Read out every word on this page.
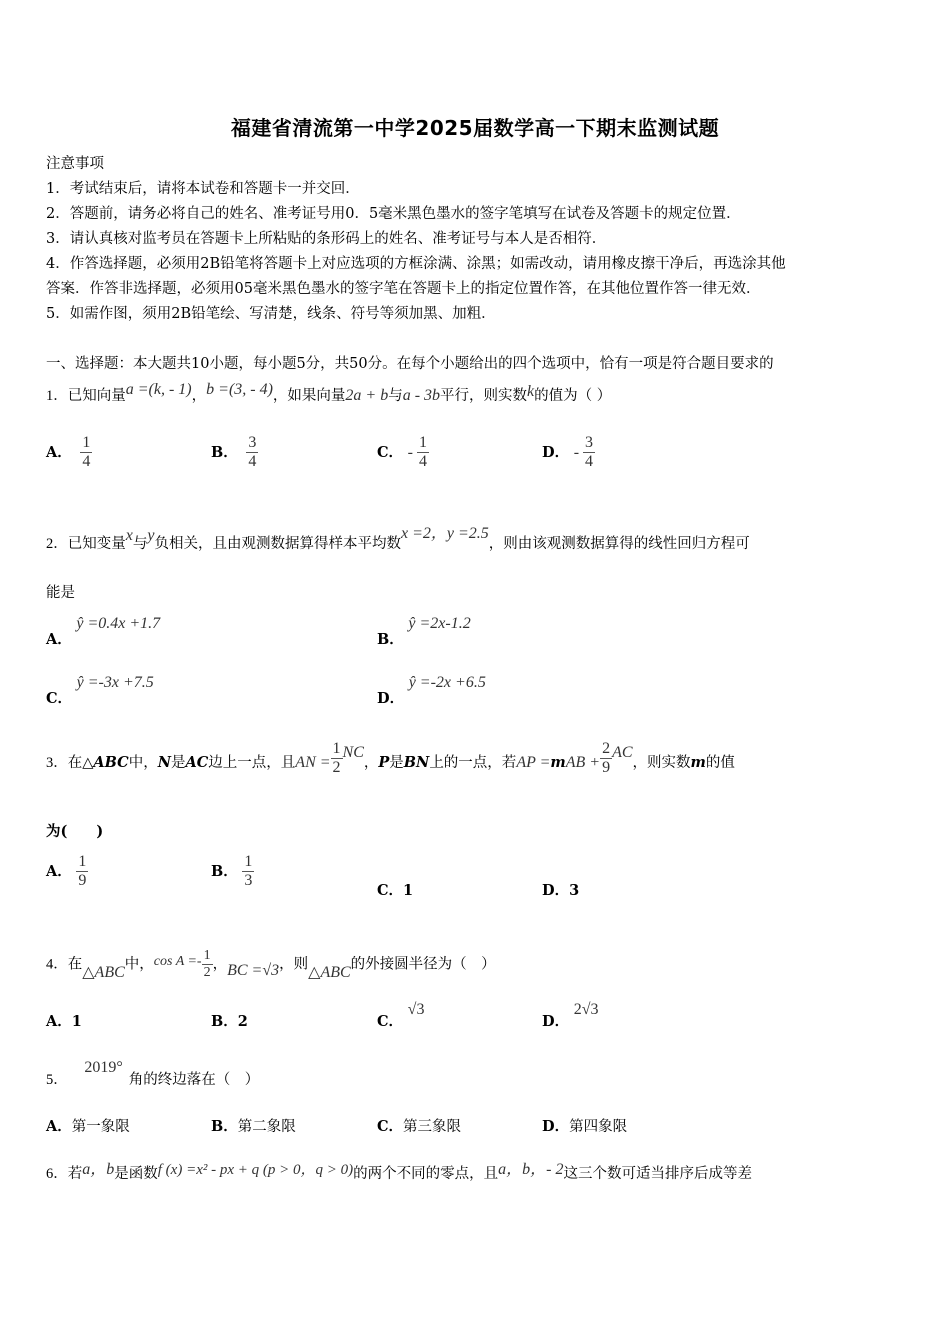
福建省清流第一中学2025届数学高一下期末监测试题
注意事项
1．考试结束后，请将本试卷和答题卡一并交回．
2．答题前，请务必将自己的姓名、准考证号用0．5毫米黑色墨水的签字笔填写在试卷及答题卡的规定位置．
3．请认真核对监考员在答题卡上所粘贴的条形码上的姓名、准考证号与本人是否相符．
4．作答选择题，必须用2B铅笔将答题卡上对应选项的方框涂满、涂黑；如需改动，请用橡皮擦干净后，再选涂其他
答案．作答非选择题，必须用05毫米黑色墨水的签字笔在答题卡上的指定位置作答，在其他位置作答一律无效．
5．如需作图，须用2B铅笔绘、写清楚，线条、符号等须加黑、加粗．
一、选择题：本大题共10小题，每小题5分，共50分。在每个小题给出的四个选项中，恰有一项是符合题目要求的
1．已知向量a =(k, - 1)，b =(3, - 4)，如果向量2a + b与a - 3b平行，则实数k的值为（ ）
A． $\frac{1}{4}$	B． $\frac{3}{4}$	C． - $\frac{1}{4}$	D． - $\frac{3}{4}$
2．已知变量x与y负相关，且由观测数据算得样本平均数x =2，y =2.5，则由该观测数据算得的线性回归方程可
能是
A． ŷ =0.4x +1.7
B． ŷ =2x-1.2
C． ŷ =-3x +7.5
D． ŷ =-2x +6.5
3．在△ABC中，N是AC边上一点，且AN = $\frac{1}{2}$ NC，P是BN上的一点，若AP $=mAB + \frac{2}{9}$ AC，则实数m的值
为(　　)
A． $\frac{1}{9}$	B． $\frac{1}{3}$	C．1	D．3
4．在△ABC中，$\cos A =- \frac{1}{2}$ ，BC =√3，则△ABC的外接圆半径为（　）
A．1	B．2	C． √3
D． 2√3
5． 2019°角的终边落在（　）
A．第一象限	B．第二象限	C．第三象限	D．第四象限
6．若a，b是函数f (x) =x² - px + q (p > 0，q > 0)的两个不同的零点，且a，b，- 2这三个数可适当排序后成等差
